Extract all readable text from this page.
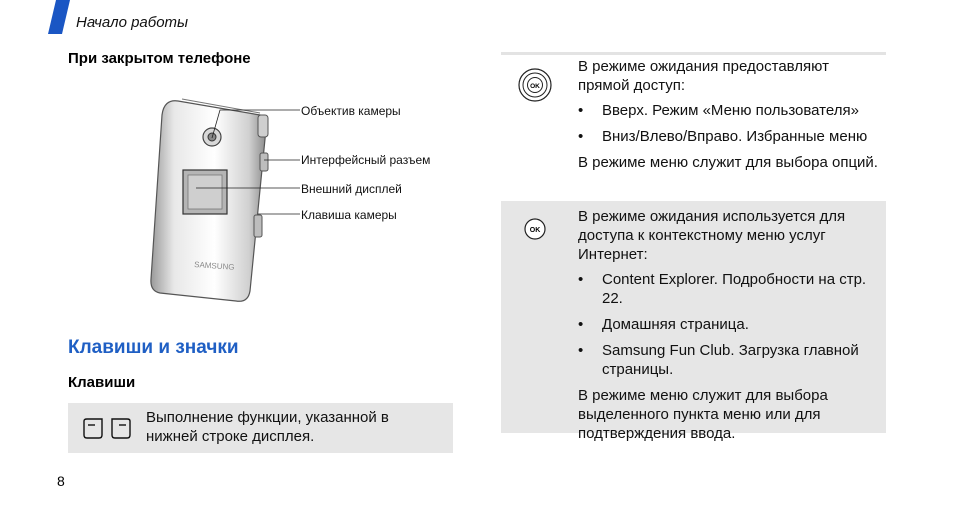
Начало работы
При закрытом телефоне
SAMSUNG
Объектив камеры
Интерфейсный разъем
Внешний дисплей
Клавиша камеры
Клавиши и значки
Клавиши
Выполнение функции, указанной в нижней строке дисплея.
OK

В режиме ожидания предоставляют прямой доступ:

• Вверх. Режим «Меню пользователя»
• Вниз/Влево/Вправо. Избранные меню

В режиме меню служит для выбора опций.

OK

В режиме ожидания используется для доступа к контекстному меню услуг Интернет:

• Content Explorer. Подробности на стр. 22.
• Домашняя страница.
• Samsung Fun Club. Загрузка главной страницы.

В режиме меню служит для выбора выделенного пункта меню или для подтверждения ввода.

8
